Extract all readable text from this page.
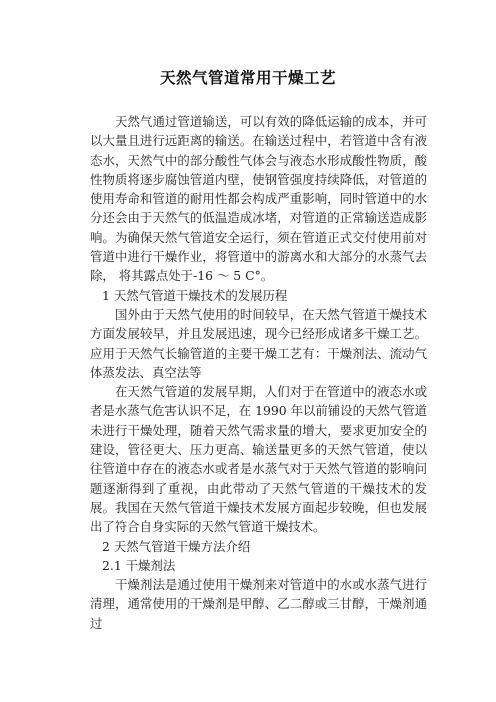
天然气管道常用干燥工艺

天然气通过管道输送，可以有效的降低运输的成本，并可以大量且进行远距离的输送。在输送过程中，若管道中含有液态水，天然气中的部分酸性气体会与液态水形成酸性物质，酸性物质将逐步腐蚀管道内壁，使钢管强度持续降低，对管道的使用寿命和管道的耐用性都会构成严重影响，同时管道中的水分还会由于天然气的低温造成冰堵，对管道的正常输送造成影响。为确保天然气管道安全运行，须在管道正式交付使用前对管道中进行干燥作业，将管道中的游离水和大部分的水蒸气去除， 将其露点处于-16 ～ 5 C°。

1 天然气管道干燥技术的发展历程

国外由于天然气使用的时间较早，在天然气管道干燥技术方面发展较早，并且发展迅速，现今已经形成诸多干燥工艺。应用于天然气长输管道的主要干燥工艺有：干燥剂法、流动气体蒸发法、真空法等

在天然气管道的发展早期，人们对于在管道中的液态水或者是水蒸气危害认识不足，在 1990 年以前铺设的天然气管道未进行干燥处理，随着天然气需求量的增大，要求更加安全的建设，管径更大、压力更高、输送量更多的天然气管道，使以往管道中存在的液态水或者是水蒸气对于天然气管道的影响问题逐渐得到了重视，由此带动了天然气管道的干燥技术的发展。我国在天然气管道干燥技术发展方面起步较晚，但也发展出了符合自身实际的天然气管道干燥技术。

2 天然气管道干燥方法介绍

2.1 干燥剂法

干燥剂法是通过使用干燥剂来对管道中的水或水蒸气进行清理，通常使用的干燥剂是甲醇、乙二醇或三甘醇，干燥剂通过
